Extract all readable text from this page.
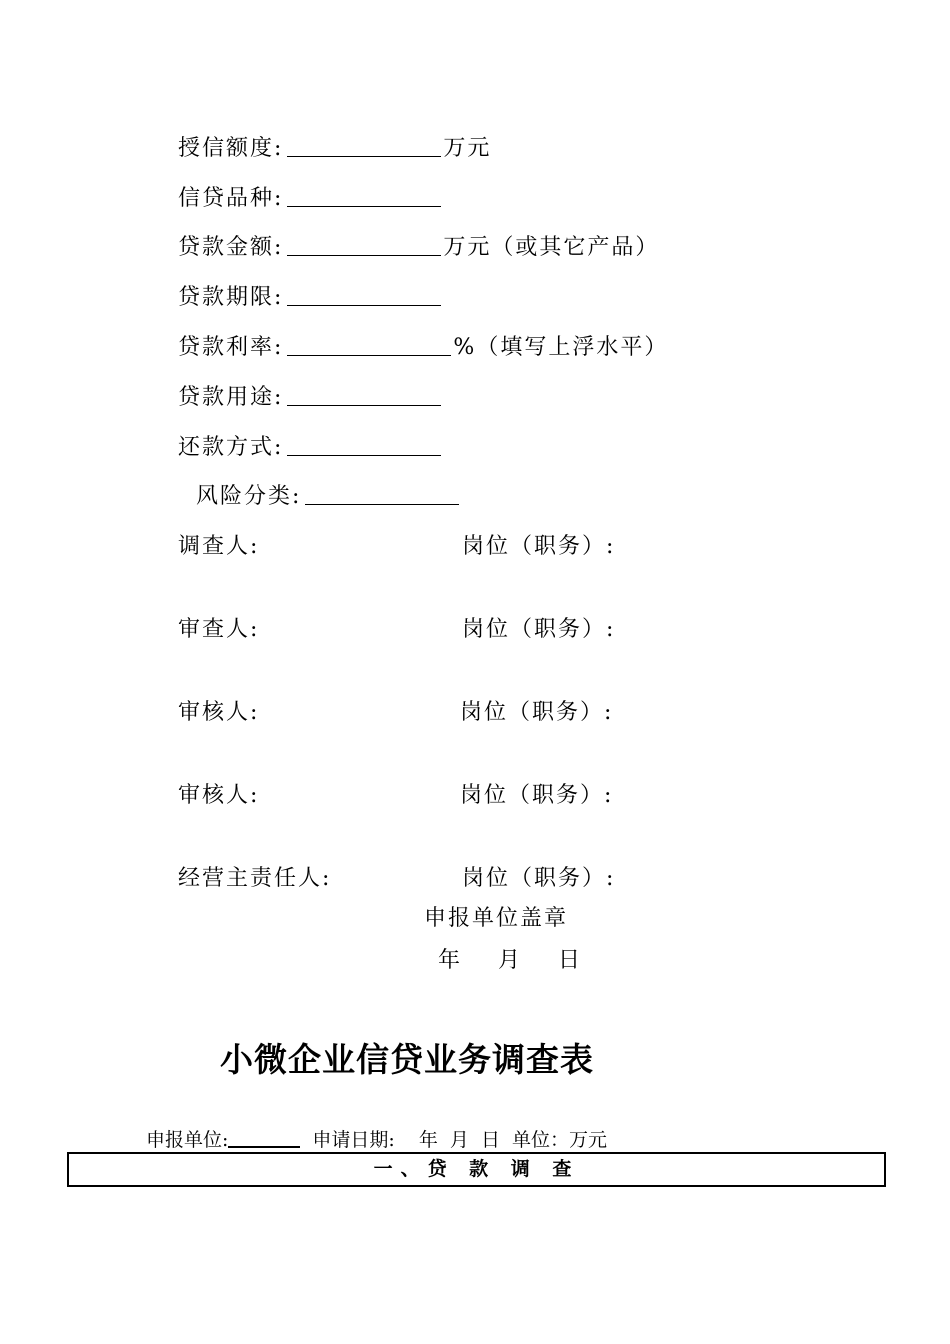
授信额度:	万元
信贷品种:
贷款金额:	万元（或其它产品）
贷款期限:
贷款利率:	%（填写上浮水平）
贷款用途:
还款方式:
风险分类:
调查人:	岗位（职务）:
审查人:	岗位（职务）:
审核人:	岗位（职务）:
审核人:	岗位（职务）:
经营主责任人:	岗位（职务）:
申报单位盖章
年    月    日
小微企业信贷业务调查表
申报单位:	申请日期: 年  月  日 单位：万元
一、贷 款 调 查
